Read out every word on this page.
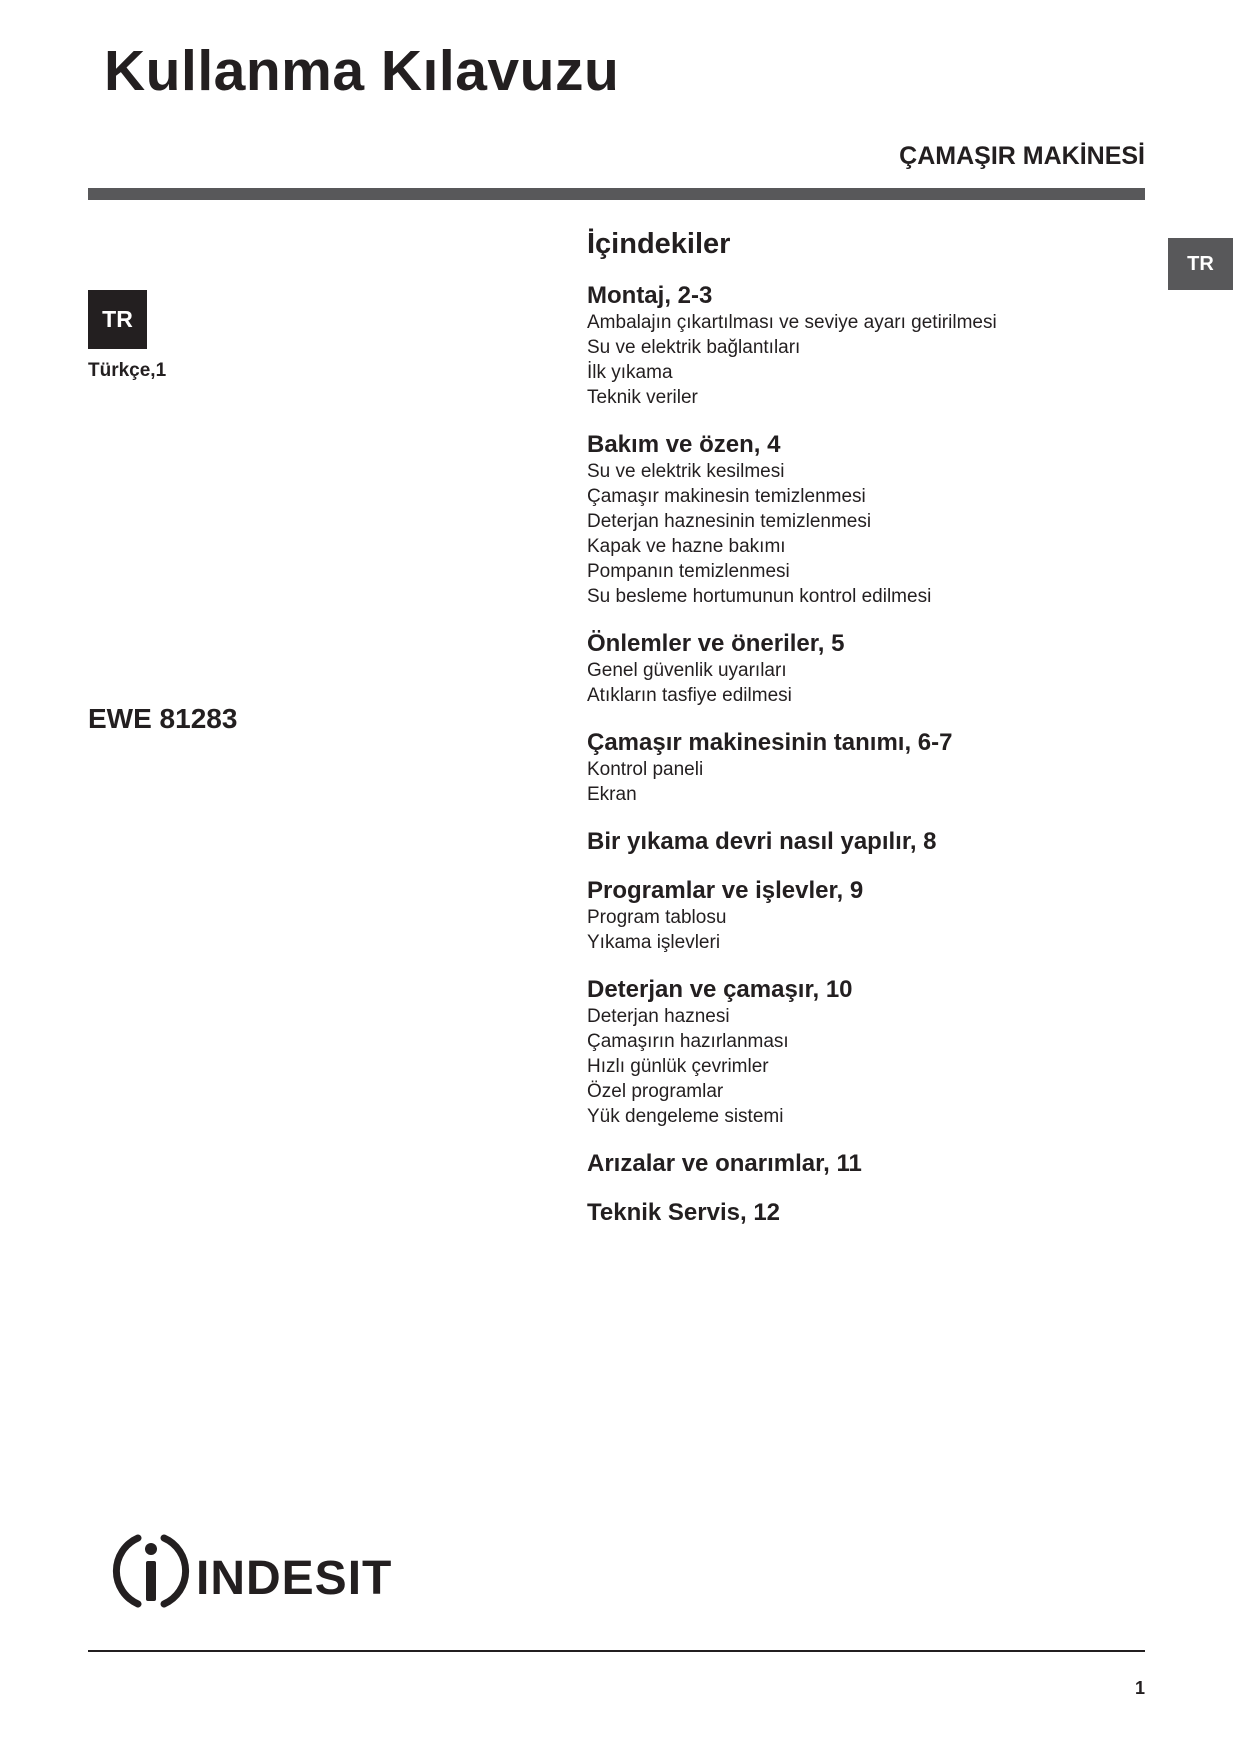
Kullanma Kılavuzu
ÇAMAŞIR MAKİNESİ
TR
TR
Türkçe,1
EWE 81283
İçindekiler
Montaj, 2-3
Ambalajın çıkartılması ve seviye ayarı getirilmesi
Su ve elektrik bağlantıları
İlk yıkama
Teknik veriler
Bakım ve özen, 4
Su ve elektrik kesilmesi
Çamaşır makinesin temizlenmesi
Deterjan haznesinin temizlenmesi
Kapak ve hazne bakımı
Pompanın temizlenmesi
Su besleme hortumunun kontrol edilmesi
Önlemler ve öneriler, 5
Genel güvenlik uyarıları
Atıkların tasfiye edilmesi
Çamaşır makinesinin tanımı, 6-7
Kontrol paneli
Ekran
Bir yıkama devri nasıl yapılır, 8
Programlar ve işlevler, 9
Program tablosu
Yıkama işlevleri
Deterjan ve çamaşır, 10
Deterjan haznesi
Çamaşırın hazırlanması
Hızlı günlük çevrimler
Özel programlar
Yük dengeleme sistemi
Arızalar ve onarımlar, 11
Teknik Servis, 12
INDESIT
1
